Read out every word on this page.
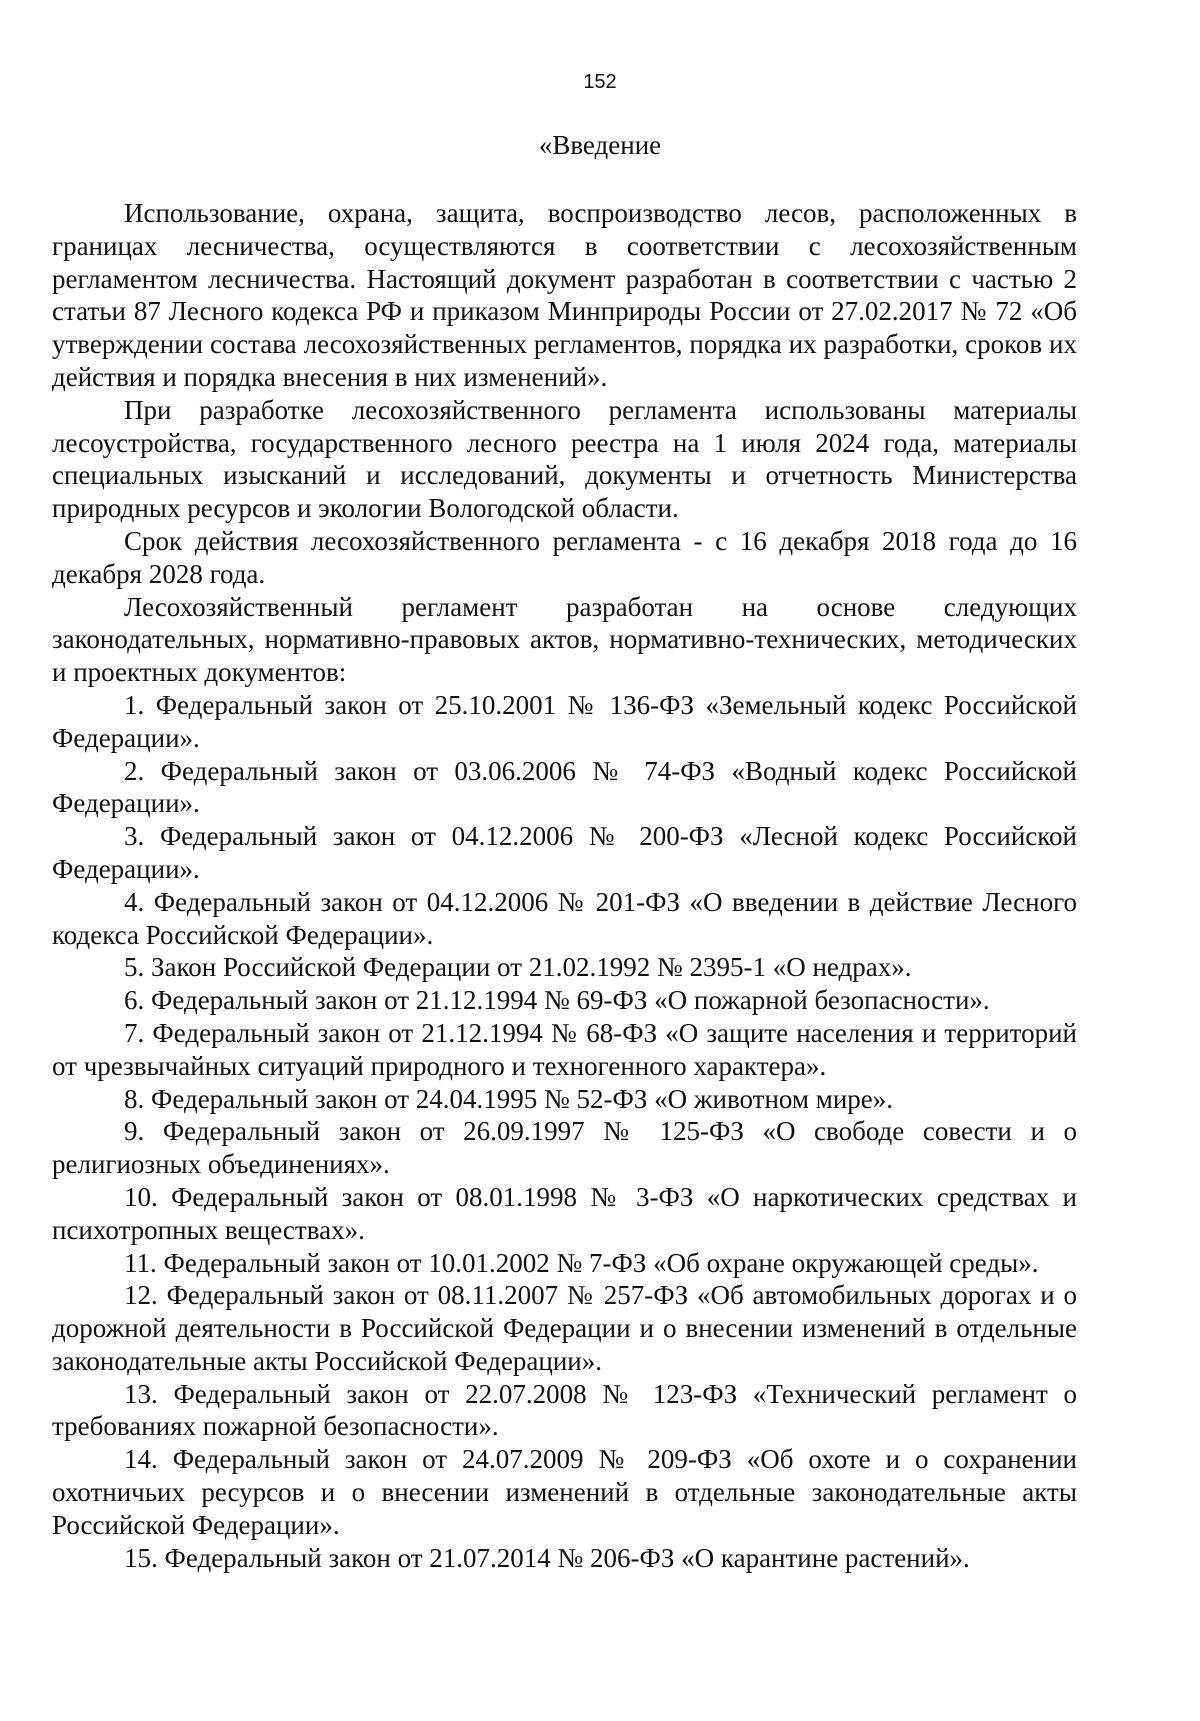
152
«Введение

Использование, охрана, защита, воспроизводство лесов, расположенных в границах лесничества, осуществляются в соответствии с лесохозяйственным регламентом лесничества. Настоящий документ разработан в соответствии с частью 2 статьи 87 Лесного кодекса РФ и приказом Минприроды России от 27.02.2017 № 72 «Об утверждении состава лесохозяйственных регламентов, порядка их разработки, сроков их действия и порядка внесения в них изменений».

При разработке лесохозяйственного регламента использованы материалы лесоустройства, государственного лесного реестра на 1 июля 2024 года, материалы специальных изысканий и исследований, документы и отчетность Министерства природных ресурсов и экологии Вологодской области.

Срок действия лесохозяйственного регламента - с 16 декабря 2018 года до 16 декабря 2028 года.

Лесохозяйственный регламент разработан на основе следующих законодательных, нормативно-правовых актов, нормативно-технических, методических и проектных документов:

1. Федеральный закон от 25.10.2001 № 136-ФЗ «Земельный кодекс Российской Федерации».

2. Федеральный закон от 03.06.2006 № 74-ФЗ «Водный кодекс Российской Федерации».

3. Федеральный закон от 04.12.2006 № 200-ФЗ «Лесной кодекс Российской Федерации».

4. Федеральный закон от 04.12.2006 № 201-ФЗ «О введении в действие Лесного кодекса Российской Федерации».

5. Закон Российской Федерации от 21.02.1992 № 2395-1 «О недрах».

6. Федеральный закон от 21.12.1994 № 69-ФЗ «О пожарной безопасности».

7. Федеральный закон от 21.12.1994 № 68-ФЗ «О защите населения и территорий от чрезвычайных ситуаций природного и техногенного характера».

8. Федеральный закон от 24.04.1995 № 52-ФЗ «О животном мире».

9. Федеральный закон от 26.09.1997 № 125-ФЗ «О свободе совести и о религиозных объединениях».

10. Федеральный закон от 08.01.1998 № 3-ФЗ «О наркотических средствах и психотропных веществах».

11. Федеральный закон от 10.01.2002 № 7-ФЗ «Об охране окружающей среды».

12. Федеральный закон от 08.11.2007 № 257-ФЗ «Об автомобильных дорогах и о дорожной деятельности в Российской Федерации и о внесении изменений в отдельные законодательные акты Российской Федерации».

13. Федеральный закон от 22.07.2008 № 123-ФЗ «Технический регламент о требованиях пожарной безопасности».

14. Федеральный закон от 24.07.2009 № 209-ФЗ «Об охоте и о сохранении охотничьих ресурсов и о внесении изменений в отдельные законодательные акты Российской Федерации».

15. Федеральный закон от 21.07.2014 № 206-ФЗ «О карантине растений».
